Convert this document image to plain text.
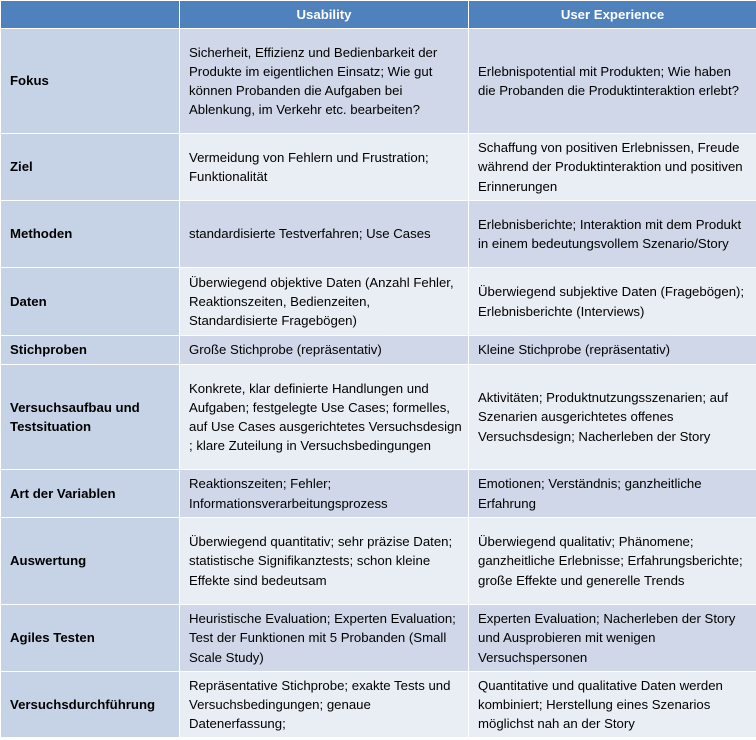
	Usability	User Experience
Fokus	Sicherheit, Effizienz und Bedienbarkeit der Produkte im eigentlichen Einsatz; Wie gut können Probanden die Aufgaben bei Ablenkung, im Verkehr etc. bearbeiten?	Erlebnispotential mit Produkten; Wie haben die Probanden die Produktinteraktion erlebt?
Ziel	Vermeidung von Fehlern und Frustration; Funktionalität	Schaffung von positiven Erlebnissen, Freude während der Produktinteraktion und positiven Erinnerungen
Methoden	standardisierte Testverfahren; Use Cases	Erlebnisberichte; Interaktion mit dem Produkt in einem bedeutungsvollem Szenario/Story
Daten	Überwiegend objektive Daten (Anzahl Fehler, Reaktionszeiten, Bedienzeiten, Standardisierte Fragebögen)	Überwiegend subjektive Daten (Fragebögen); Erlebnisberichte (Interviews)
Stichproben	Große Stichprobe (repräsentativ)	Kleine Stichprobe (repräsentativ)
Versuchsaufbau und Testsituation	Konkrete, klar definierte Handlungen und Aufgaben; festgelegte Use Cases; formelles, auf Use Cases ausgerichtetes Versuchsdesign ; klare Zuteilung in Versuchsbedingungen	Aktivitäten; Produktnutzungsszenarien; auf Szenarien ausgerichtetes offenes Versuchsdesign; Nacherleben der Story
Art der Variablen	Reaktionszeiten; Fehler; Informationsverarbeitungsprozess	Emotionen; Verständnis; ganzheitliche Erfahrung
Auswertung	Überwiegend quantitativ; sehr präzise Daten; statistische Signifikanztests; schon kleine Effekte sind bedeutsam	Überwiegend qualitativ; Phänomene; ganzheitliche Erlebnisse; Erfahrungsberichte; große Effekte und generelle Trends
Agiles Testen	Heuristische Evaluation; Experten Evaluation; Test der Funktionen mit 5 Probanden (Small Scale Study)	Experten Evaluation; Nacherleben der Story und Ausprobieren mit wenigen Versuchspersonen
Versuchsdurchführung	Repräsentative Stichprobe; exakte Tests und Versuchsbedingungen; genaue Datenerfassung;	Quantitative und qualitative Daten werden kombiniert; Herstellung eines Szenarios möglichst nah an der Story
